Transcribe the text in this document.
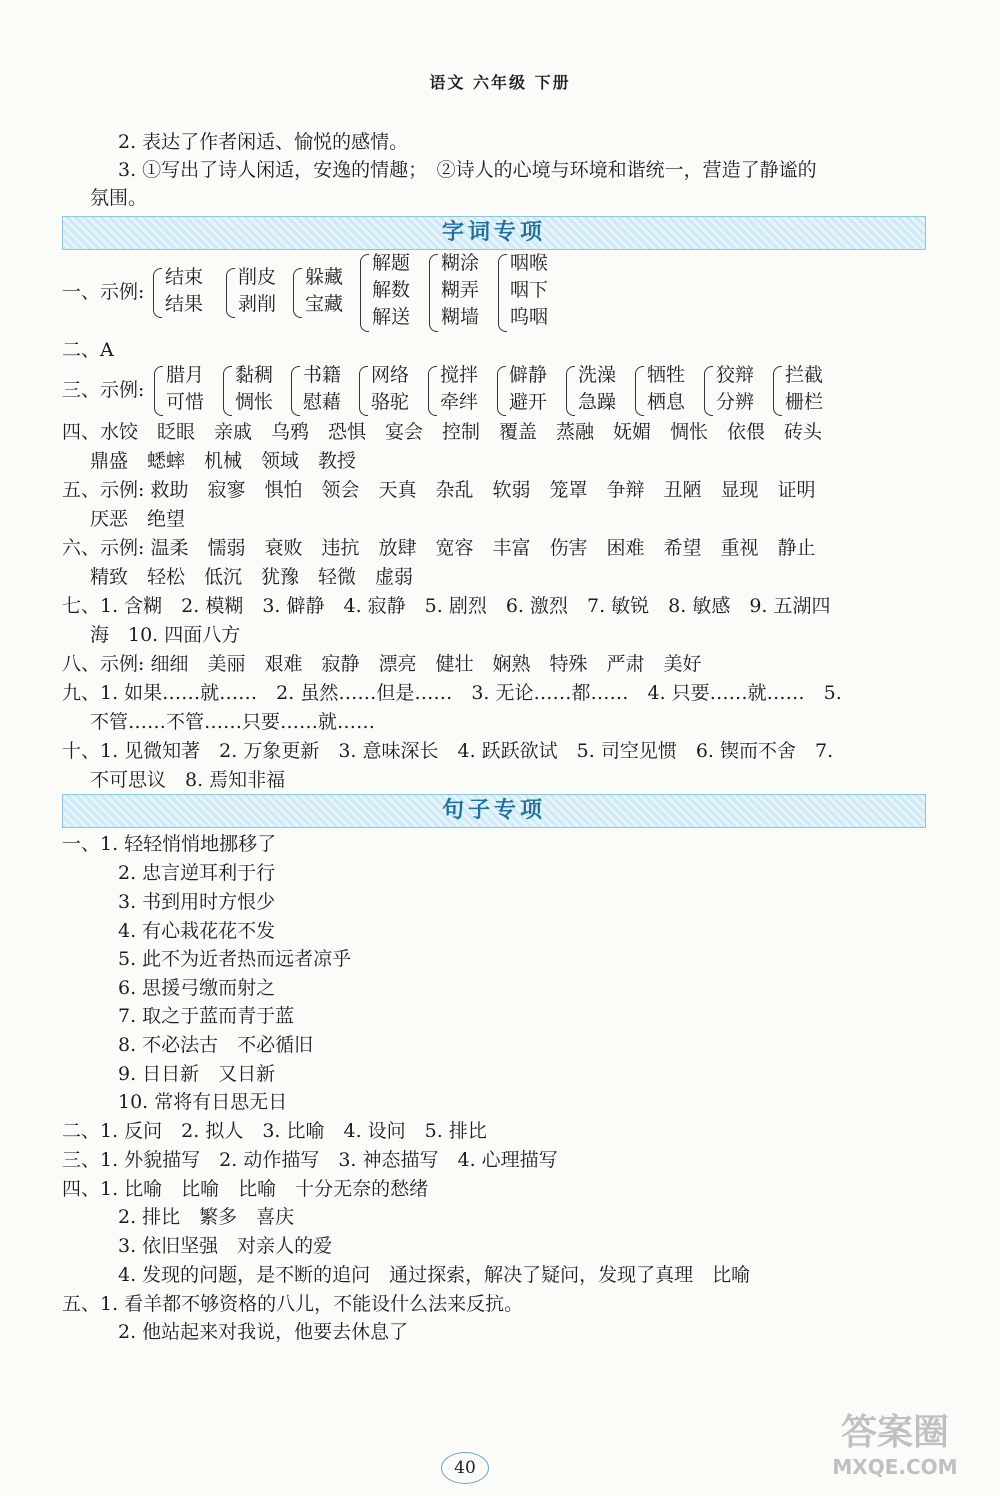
语文 六年级 下册
2. 表达了作者闲适、愉悦的感情。
3. ①写出了诗人闲适，安逸的情趣；　②诗人的心境与环境和谐统一，营造了静谧的
氛围。
字词专项
一、示例:
结束
结果
削皮
剥削
躲藏
宝藏
解题
解数
解送
糊涂
糊弄
糊墙
咽喉
咽下
呜咽
二、A
三、示例:
腊月
可惜
黏稠
惆怅
书籍
慰藉
网络
骆驼
搅拌
牵绊
僻静
避开
洗澡
急躁
牺牲
栖息
狡辩
分辨
拦截
栅栏
四、水饺　眨眼　亲戚　乌鸦　恐惧　宴会　控制　覆盖　蒸融　妩媚　惆怅　依偎　砖头
鼎盛　蟋蟀　机械　领域　教授
五、示例: 救助　寂寥　惧怕　领会　天真　杂乱　软弱　笼罩　争辩　丑陋　显现　证明
厌恶　绝望
六、示例: 温柔　懦弱　衰败　违抗　放肆　宽容　丰富　伤害　困难　希望　重视　静止
精致　轻松　低沉　犹豫　轻微　虚弱
七、1. 含糊　2. 模糊　3. 僻静　4. 寂静　5. 剧烈　6. 激烈　7. 敏锐　8. 敏感　9. 五湖四
海　10. 四面八方
八、示例: 细细　美丽　艰难　寂静　漂亮　健壮　娴熟　特殊　严肃　美好
九、1. 如果……就……　2. 虽然……但是……　3. 无论……都……　4. 只要……就……　5.
不管……不管……只要……就……
十、1. 见微知著　2. 万象更新　3. 意味深长　4. 跃跃欲试　5. 司空见惯　6. 锲而不舍　7.
不可思议　8. 焉知非福
句子专项
一、1. 轻轻悄悄地挪移了
2. 忠言逆耳利于行
3. 书到用时方恨少
4. 有心栽花花不发
5. 此不为近者热而远者凉乎
6. 思援弓缴而射之
7. 取之于蓝而青于蓝
8. 不必法古　不必循旧
9. 日日新　又日新
10. 常将有日思无日
二、1. 反问　2. 拟人　3. 比喻　4. 设问　5. 排比
三、1. 外貌描写　2. 动作描写　3. 神态描写　4. 心理描写
四、1. 比喻　比喻　比喻　十分无奈的愁绪
2. 排比　繁多　喜庆
3. 依旧坚强　对亲人的爱
4. 发现的问题，是不断的追问　通过探索，解决了疑问，发现了真理　比喻
五、1. 看羊都不够资格的八儿，不能设什么法来反抗。
2. 他站起来对我说，他要去休息了
40
答案圈
MXQE.COM
